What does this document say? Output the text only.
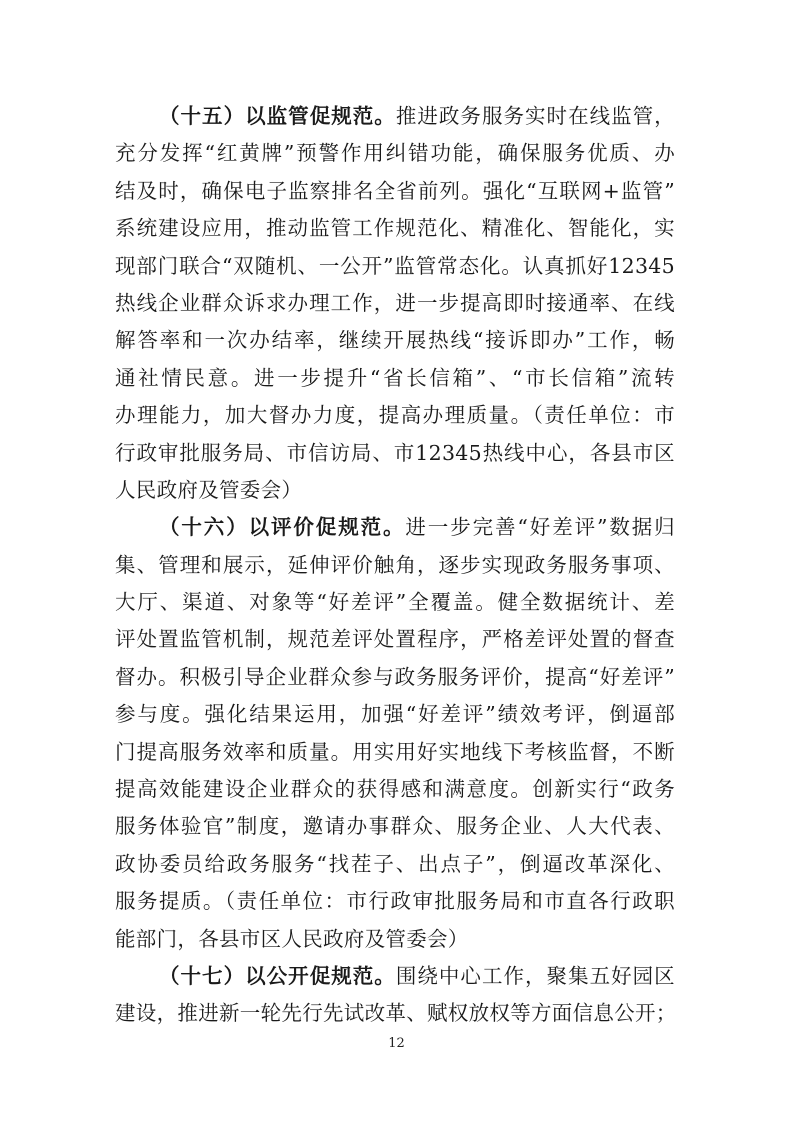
（十五）以监管促规范。推进政务服务实时在线监管，
充分发挥“红黄牌”预警作用纠错功能，确保服务优质、办
结及时，确保电子监察排名全省前列。强化“互联网+监管”
系统建设应用，推动监管工作规范化、精准化、智能化，实
现部门联合“双随机、一公开”监管常态化。认真抓好12345
热线企业群众诉求办理工作，进一步提高即时接通率、在线
解答率和一次办结率，继续开展热线“接诉即办”工作，畅
通社情民意。进一步提升“省长信箱”、“市长信箱”流转
办理能力，加大督办力度，提高办理质量。（责任单位：市
行政审批服务局、市信访局、市12345热线中心，各县市区
人民政府及管委会）
（十六）以评价促规范。进一步完善“好差评”数据归
集、管理和展示，延伸评价触角，逐步实现政务服务事项、
大厅、渠道、对象等“好差评”全覆盖。健全数据统计、差
评处置监管机制，规范差评处置程序，严格差评处置的督查
督办。积极引导企业群众参与政务服务评价，提高“好差评”
参与度。强化结果运用，加强“好差评”绩效考评，倒逼部
门提高服务效率和质量。用实用好实地线下考核监督，不断
提高效能建设企业群众的获得感和满意度。创新实行“政务
服务体验官”制度，邀请办事群众、服务企业、人大代表、
政协委员给政务服务“找茬子、出点子”，倒逼改革深化、
服务提质。（责任单位：市行政审批服务局和市直各行政职
能部门，各县市区人民政府及管委会）
（十七）以公开促规范。围绕中心工作，聚集五好园区
建设，推进新一轮先行先试改革、赋权放权等方面信息公开；
12
